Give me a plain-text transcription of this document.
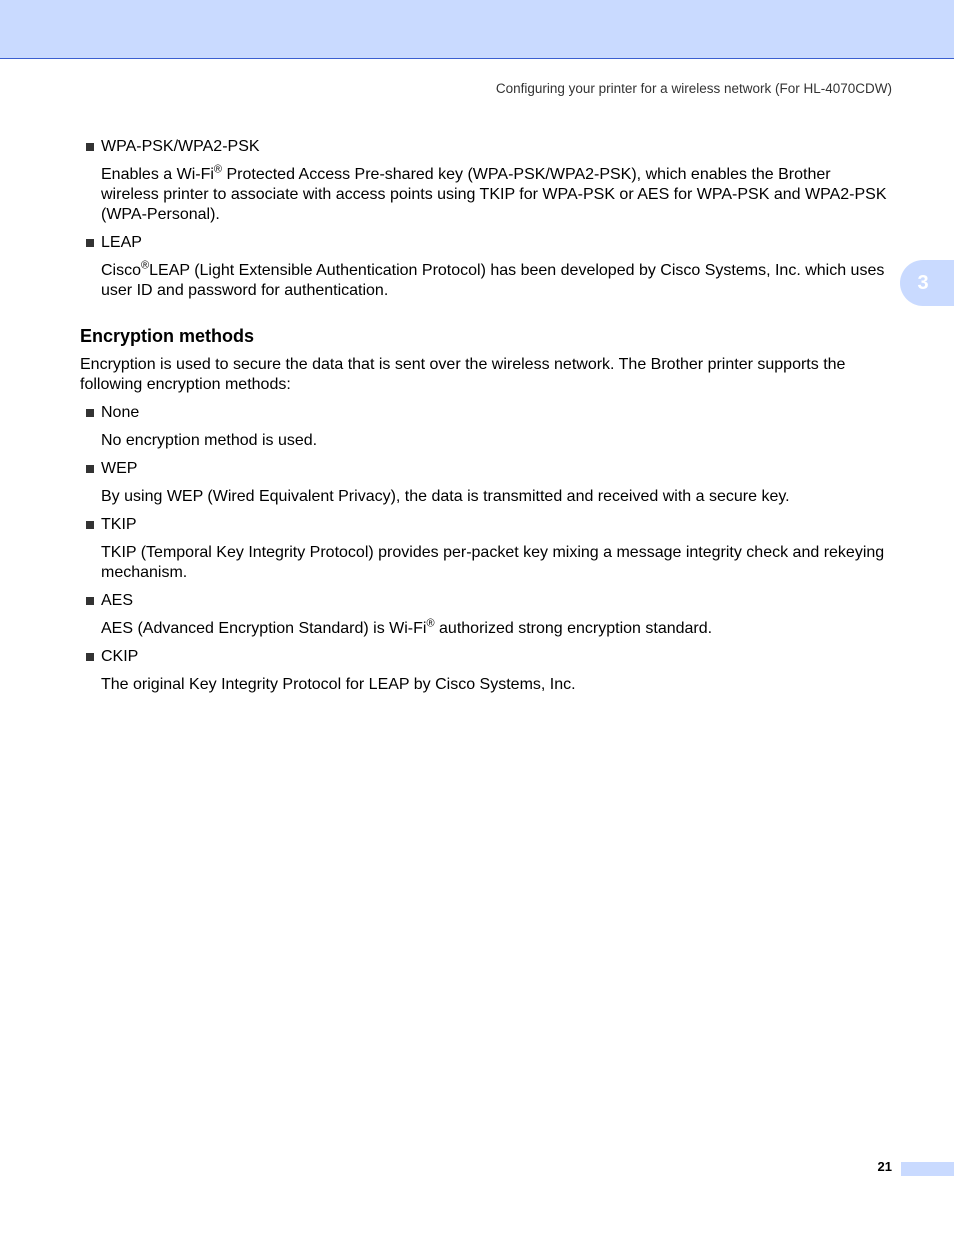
Configuring your printer for a wireless network (For HL-4070CDW)
3
WPA-PSK/WPA2-PSK
Enables a Wi-Fi® Protected Access Pre-shared key (WPA-PSK/WPA2-PSK), which enables the Brother wireless printer to associate with access points using TKIP for WPA-PSK or AES for WPA-PSK and WPA2-PSK (WPA-Personal).
LEAP
Cisco®LEAP (Light Extensible Authentication Protocol) has been developed by Cisco Systems, Inc. which uses user ID and password for authentication.
Encryption methods
Encryption is used to secure the data that is sent over the wireless network. The Brother printer supports the following encryption methods:
None
No encryption method is used.
WEP
By using WEP (Wired Equivalent Privacy), the data is transmitted and received with a secure key.
TKIP
TKIP (Temporal Key Integrity Protocol) provides per-packet key mixing a message integrity check and rekeying mechanism.
AES
AES (Advanced Encryption Standard) is Wi-Fi® authorized strong encryption standard.
CKIP
The original Key Integrity Protocol for LEAP by Cisco Systems, Inc.
21
